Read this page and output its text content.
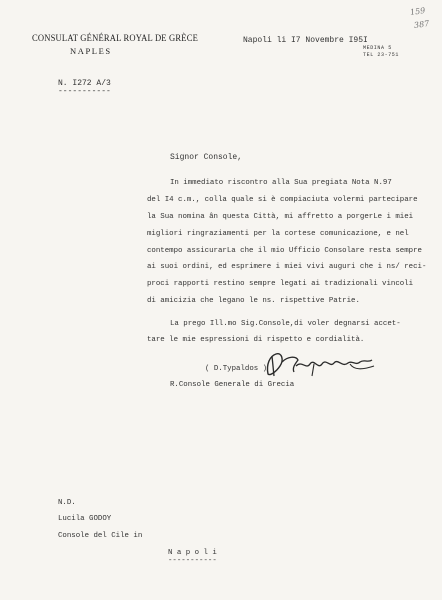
CONSULAT GÉNÉRAL ROYAL DE GRÈCE
NAPLES
159
387
Napoli li I7 Novembre I95I
MEDINA 5
TEL 23-751
N. I272 A/3
-----------
Signor Console,
In immediato riscontro alla Sua pregiata Nota N.97
del I4 c.m., colla quale si è compiaciuta volermi partecipare
la Sua nomina ân questa Città, mi affretto a porgerLe i miei
migliori ringraziamenti per la cortese comunicazione, e nel
contempo assicurarLa che il mio Ufficio Consolare resta sempre
ai suoi ordini, ed esprimere i miei vivi auguri che i ns/ reci-
proci rapporti restino sempre legati ai tradizionali vincoli
di amicizia che legano le ns. rispettive Patrie.
La prego Ill.mo Sig.Console,di voler degnarsi accet-
tare le mie espressioni di rispetto e cordialità.
( D.Typaldos )
R.Console Generale di Grecia
N.D.
Lucila GODOY
Console del Cile in
N a p o l i
-----------
